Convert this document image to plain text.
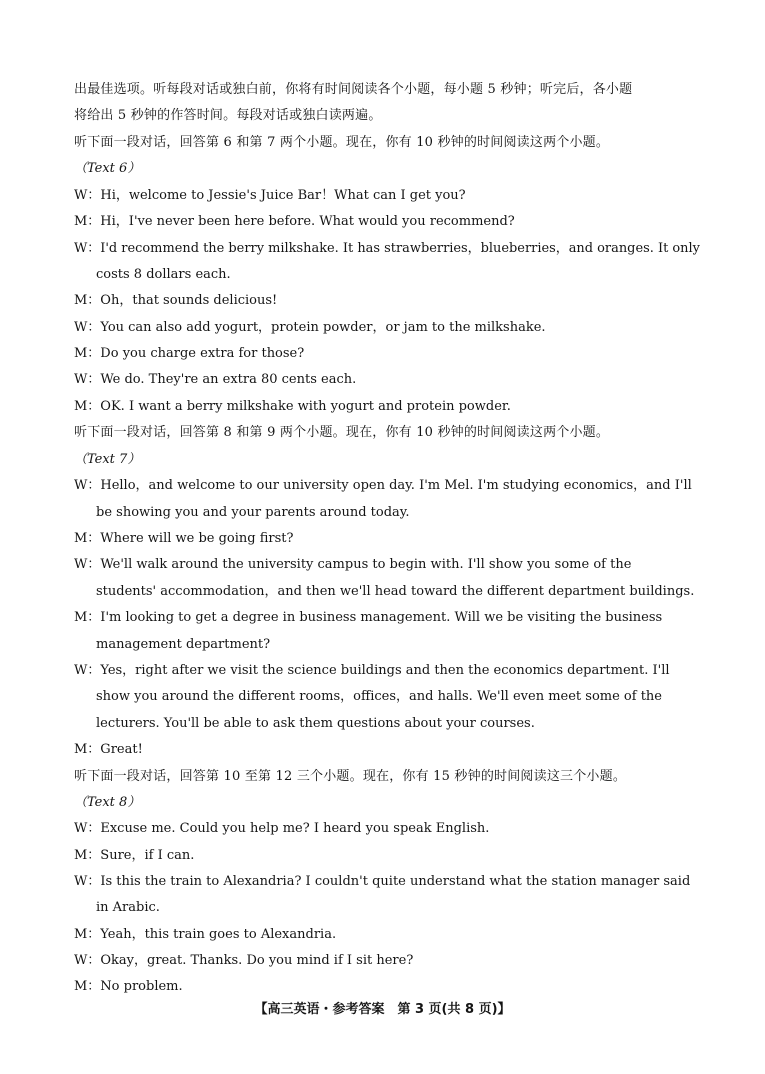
出最佳选项。听每段对话或独白前，你将有时间阅读各个小题，每小题 5 秒钟；听完后，各小题
将给出 5 秒钟的作答时间。每段对话或独白读两遍。
听下面一段对话，回答第 6 和第 7 两个小题。现在，你有 10 秒钟的时间阅读这两个小题。
（Text 6）
W：Hi，welcome to Jessie's Juice Bar！What can I get you?
M：Hi，I've never been here before. What would you recommend?
W：I'd recommend the berry milkshake. It has strawberries，blueberries，and oranges. It only
costs 8 dollars each.
M：Oh，that sounds delicious!
W：You can also add yogurt，protein powder，or jam to the milkshake.
M：Do you charge extra for those?
W：We do. They're an extra 80 cents each.
M：OK. I want a berry milkshake with yogurt and protein powder.
听下面一段对话，回答第 8 和第 9 两个小题。现在，你有 10 秒钟的时间阅读这两个小题。
（Text 7）
W：Hello，and welcome to our university open day. I'm Mel. I'm studying economics，and I'll
be showing you and your parents around today.
M：Where will we be going first?
W：We'll walk around the university campus to begin with. I'll show you some of the
students' accommodation，and then we'll head toward the different department buildings.
M：I'm looking to get a degree in business management. Will we be visiting the business
management department?
W：Yes，right after we visit the science buildings and then the economics department. I'll
show you around the different rooms，offices，and halls. We'll even meet some of the
lecturers. You'll be able to ask them questions about your courses.
M：Great!
听下面一段对话，回答第 10 至第 12 三个小题。现在，你有 15 秒钟的时间阅读这三个小题。
（Text 8）
W：Excuse me. Could you help me? I heard you speak English.
M：Sure，if I can.
W：Is this the train to Alexandria? I couldn't quite understand what the station manager said
in Arabic.
M：Yeah，this train goes to Alexandria.
W：Okay，great. Thanks. Do you mind if I sit here?
M：No problem.
【高三英语・参考答案　第 3 页(共 8 页)】
